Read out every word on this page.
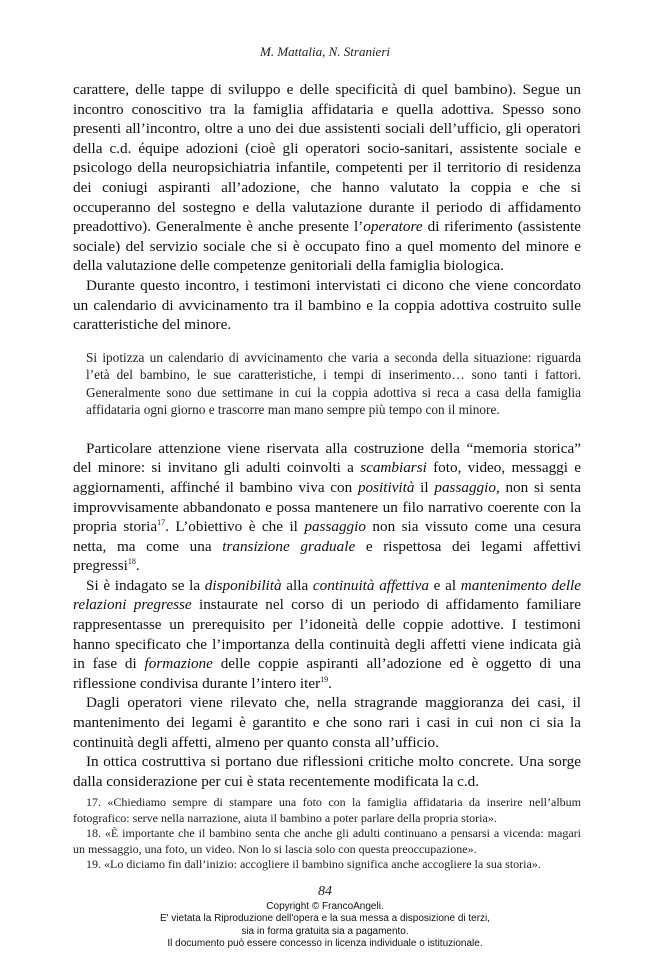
M. Mattalia, N. Stranieri

carattere, delle tappe di sviluppo e delle specificità di quel bambino). Segue un incontro conoscitivo tra la famiglia affidataria e quella adottiva. Spesso sono presenti all’incontro, oltre a uno dei due assistenti sociali dell’ufficio, gli operatori della c.d. équipe adozioni (cioè gli operatori socio-sanitari, assistente sociale e psicologo della neuropsichiatria infantile, competenti per il territorio di residenza dei coniugi aspiranti all’adozione, che hanno valutato la coppia e che si occuperanno del sostegno e della valutazione durante il periodo di affidamento preadottivo). Generalmente è anche presente l’operatore di riferimento (assistente sociale) del servizio sociale che si è occupato fino a quel momento del minore e della valutazione delle competenze genitoriali della famiglia biologica.

Durante questo incontro, i testimoni intervistati ci dicono che viene concordato un calendario di avvicinamento tra il bambino e la coppia adottiva costruito sulle caratteristiche del minore.

Si ipotizza un calendario di avvicinamento che varia a seconda della situazione: riguarda l’età del bambino, le sue caratteristiche, i tempi di inserimento… sono tanti i fattori. Generalmente sono due settimane in cui la coppia adottiva si reca a casa della famiglia affidataria ogni giorno e trascorre man mano sempre più tempo con il minore.

Particolare attenzione viene riservata alla costruzione della “memoria storica” del minore: si invitano gli adulti coinvolti a scambiarsi foto, video, messaggi e aggiornamenti, affinché il bambino viva con positività il passaggio, non si senta improvvisamente abbandonato e possa mantenere un filo narrativo coerente con la propria storia$^{17}$. L’obiettivo è che il passaggio non sia vissuto come una cesura netta, ma come una transizione graduale e rispettosa dei legami affettivi pregressi$^{18}$.

Si è indagato se la disponibilità alla continuità affettiva e al mantenimento delle relazioni pregresse instaurate nel corso di un periodo di affidamento familiare rappresentasse un prerequisito per l’idoneità delle coppie adottive. I testimoni hanno specificato che l’importanza della continuità degli affetti viene indicata già in fase di formazione delle coppie aspiranti all’adozione ed è oggetto di una riflessione condivisa durante l’intero iter$^{19}$.

Dagli operatori viene rilevato che, nella stragrande maggioranza dei casi, il mantenimento dei legami è garantito e che sono rari i casi in cui non ci sia la continuità degli affetti, almeno per quanto consta all’ufficio.

In ottica costruttiva si portano due riflessioni critiche molto concrete. Una sorge dalla considerazione per cui è stata recentemente modificata la c.d.

17. «Chiediamo sempre di stampare una foto con la famiglia affidataria da inserire nell’album fotografico: serve nella narrazione, aiuta il bambino a poter parlare della propria storia».

18. «È importante che il bambino senta che anche gli adulti continuano a pensarsi a vicenda: magari un messaggio, una foto, un video. Non lo si lascia solo con questa preoccupazione».

19. «Lo diciamo fin dall’inizio: accogliere il bambino significa anche accogliere la sua storia».

84
Copyright © FrancoAngeli.
E' vietata la Riproduzione dell'opera e la sua messa a disposizione di terzi,
sia in forma gratuita sia a pagamento.
Il documento può essere concesso in licenza individuale o istituzionale.
